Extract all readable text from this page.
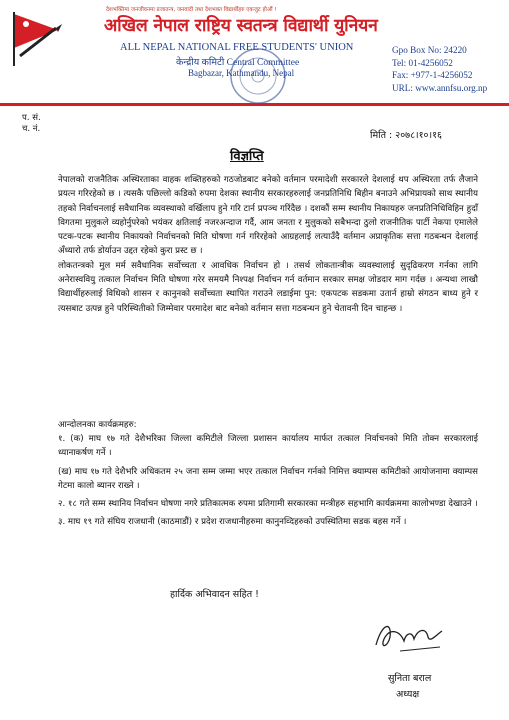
देशभक्तिमा जनजीवनमा प्रजातन्त्र, जनवादी तथा देशभक्त विद्यार्थीहरु एकजुट होऔं !
अखिल नेपाल राष्ट्रिय स्वतन्त्र विद्यार्थी युनियन
ALL NEPAL NATIONAL FREE STUDENTS' UNION
केन्द्रीय कमिटी Central Committee
Bagbazar, Kathmandu, Nepal
Gpo Box No: 24220
Tel: 01-4256052
Fax: +977-1-4256052
URL: www.annfsu.org.np
प. सं.
च. नं.
मिति : २०७८।१०।१६
विज्ञप्ति

नेपालको राजनैतिक अस्थिरताका वाहक शक्तिहरुको गठजोडबाट बनेको वर्तमान परमादेशी सरकारले देशलाई थप अस्थिरता तर्फ लैजाने प्रयत्न गरिरहेको छ । त्यसकै पछिल्लो कडिको रुपमा देशका स्थानीय सरकारहरुलाई जनप्रतिनिधि बिहीन बनाउने अभिप्रायको साथ स्थानीय तहको निर्वाचनलाई सवैधानिक व्यवस्थाको वर्खिलाप हुने गरि टार्न प्रपञ्च गरिंदैछ । दशकौं सम्म स्थानीय निकायहरु जनप्रतिनिधिविहिन हुदाँ विगतमा मुलुकले व्यहोर्नुपरेको भयंकर क्षतिलाई नजरअन्दाज गर्दै, आम जनता र मुलुकको सबैभन्दा ठुलो राजनीतिक पार्टी नेकपा एमालेले पटक-पटक स्थानीय निकायको निर्वाचनको मिति घोषणा गर्न गरिरहेको आग्रहलाई लत्याउँदै वर्तमान अप्राकृतिक सत्ता गठबन्धन देशलाई अँध्यारो तर्फ डोर्याउन उद्दत रहेको कुरा प्रस्ट छ ।

लोकतन्त्रको मुल मर्म सवैधानिक सर्वोच्चता र आवधिक निर्वाचन हो । तसर्थ लोकतान्त्रीक व्यवस्थालाई सुदृढिकरण गर्नका लागि अनेरास्ववियु तत्काल निर्वाचन मिति घोषणा गरेर समयमै निश्पक्ष निर्वाचन गर्न वर्तमान सरकार समक्ष जोडदार माग गर्दछ । अन्यथा लाखौ विद्यार्थीहरुलाई विधिको शासन र कानुनको सर्वोच्चता स्थापित गराउने लडाईमा पुन: एकपटक सडकमा उतार्न हाम्रो संगठन बाध्य हुने र त्यसबाट उत्पन्न हुने परिस्थितीको जिम्मेवार परमादेश बाट बनेको वर्तमान सत्ता गठबन्धन हुने चेतावनी दिन चाहन्छ ।

आन्दोलनका कार्यक्रमहरु:

१. (क) माघ १७ गते देशैभरिका जिल्ला कमिटीले जिल्ला प्रशासन कार्यालय मार्फत तत्काल निर्वाचनको मिति तोक्न सरकारलाई ध्यानाकर्षण गर्ने ।

(ख) माघ १७ गते देशैभरि अधिकतम २५ जना सम्म जम्मा भएर तत्काल निर्वाचन गर्नको निमित्त क्याम्पस कमिटीको आयोजनामा क्याम्पस गेटमा कालो ब्यानर राख्ने ।

२. १८ गते सम्म स्थानिय निर्वाचन घोषणा नगरे प्रतिकात्मक रुपमा प्रतिगामी सरकारका मन्त्रीहरु सहभागि कार्यक्रममा कालोभण्डा देखाउने ।

३. माघ १९ गते संघिय राजधानी (काठमाडौं) र प्रदेश राजधानीहरुमा कानुनव्दिहरुको उपस्थितिमा सडक बहस गर्ने ।

हार्दिक अभिवादन सहित !
सुनिता बराल
अध्यक्ष
